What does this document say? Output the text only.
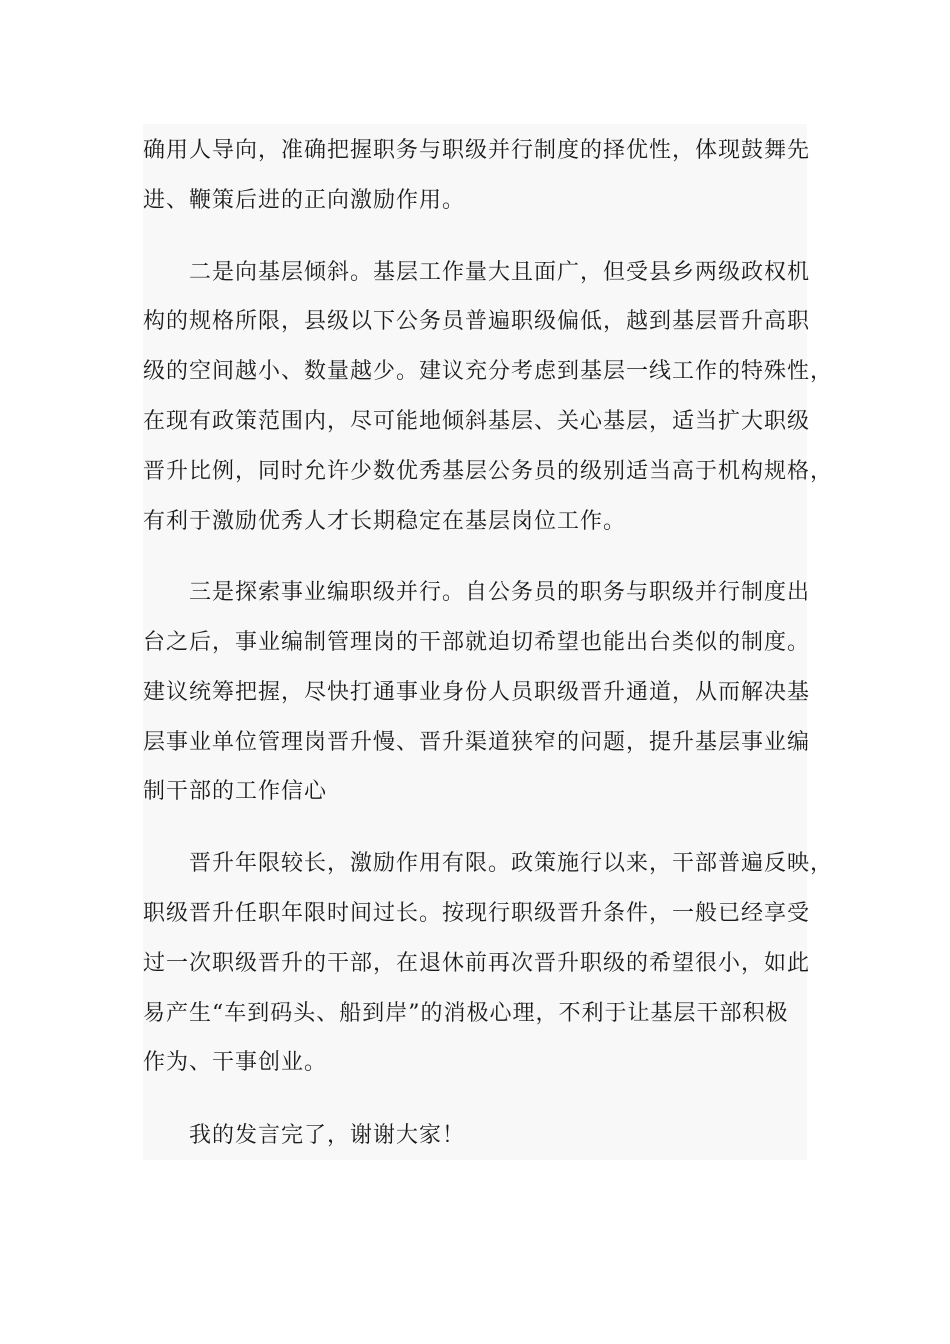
确用人导向，准确把握职务与职级并行制度的择优性，体现鼓舞先
进、鞭策后进的正向激励作用。
二是向基层倾斜。基层工作量大且面广，但受县乡两级政权机
构的规格所限，县级以下公务员普遍职级偏低，越到基层晋升高职
级的空间越小、数量越少。建议充分考虑到基层一线工作的特殊性，
在现有政策范围内，尽可能地倾斜基层、关心基层，适当扩大职级
晋升比例，同时允许少数优秀基层公务员的级别适当高于机构规格，
有利于激励优秀人才长期稳定在基层岗位工作。
三是探索事业编职级并行。自公务员的职务与职级并行制度出
台之后，事业编制管理岗的干部就迫切希望也能出台类似的制度。
建议统筹把握，尽快打通事业身份人员职级晋升通道，从而解决基
层事业单位管理岗晋升慢、晋升渠道狭窄的问题，提升基层事业编
制干部的工作信心
晋升年限较长，激励作用有限。政策施行以来，干部普遍反映，
职级晋升任职年限时间过长。按现行职级晋升条件，一般已经享受
过一次职级晋升的干部，在退休前再次晋升职级的希望很小，如此
易产生“车到码头、船到岸”的消极心理，不利于让基层干部积极
作为、干事创业。
我的发言完了，谢谢大家！
